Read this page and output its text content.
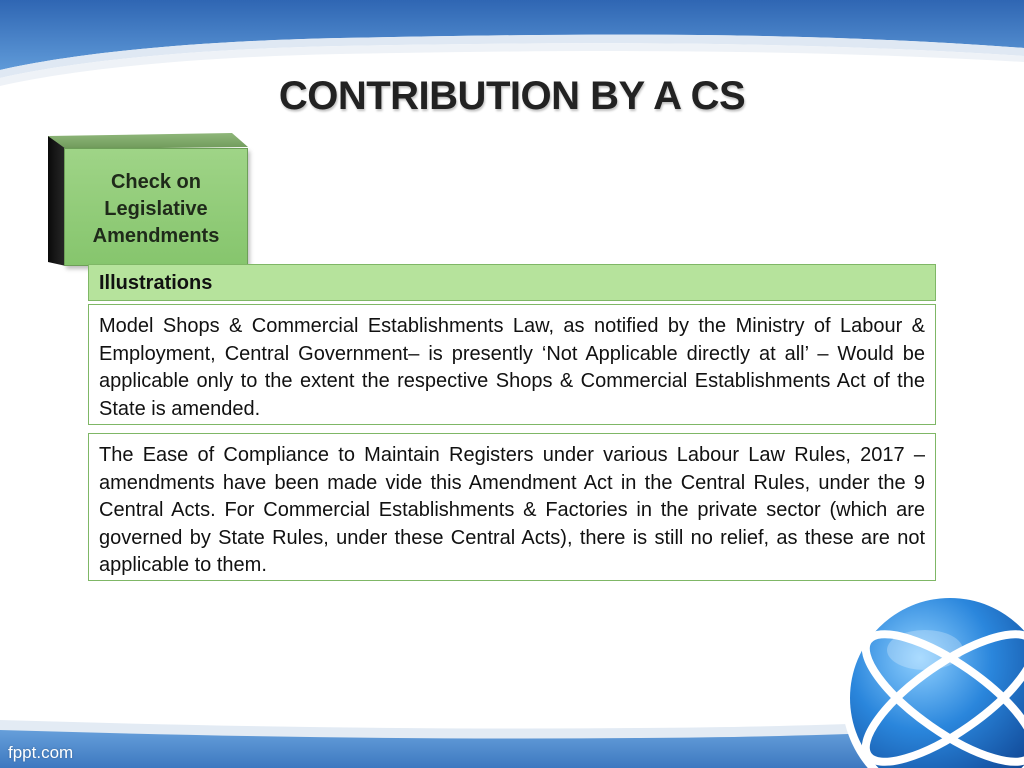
CONTRIBUTION BY A CS
Check on
Legislative
Amendments
Illustrations
Model Shops & Commercial Establishments Law, as notified by the Ministry of Labour & Employment, Central Government– is presently ‘Not Applicable directly at all’ – Would be applicable only to the extent the respective Shops & Commercial Establishments Act of the State is amended.
The Ease of Compliance to Maintain Registers under various Labour Law Rules, 2017 – amendments have been made vide this Amendment Act in the Central Rules, under the 9 Central Acts. For Commercial Establishments & Factories in the private sector (which are governed by State Rules, under these Central Acts), there is still no relief, as these are not applicable to them.
fppt.com
